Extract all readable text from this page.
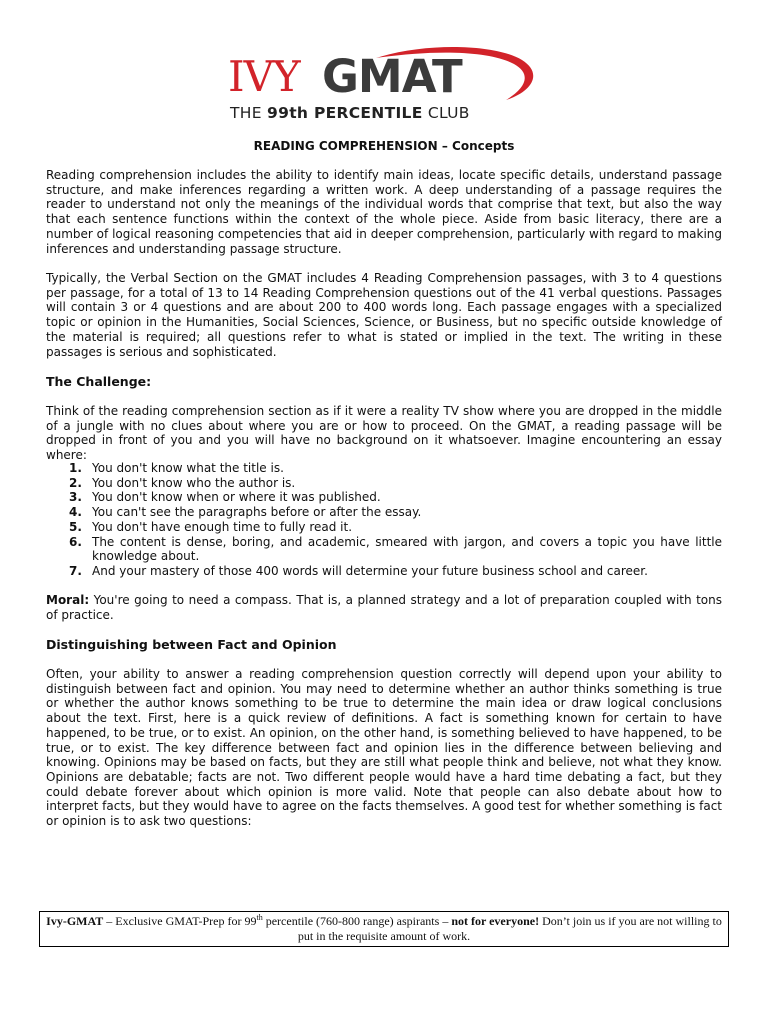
IVY GMAT
THE 99th PERCENTILE CLUB
READING COMPREHENSION – Concepts

Reading comprehension includes the ability to identify main ideas, locate specific details, understand passage structure, and make inferences regarding a written work. A deep understanding of a passage requires the reader to understand not only the meanings of the individual words that comprise that text, but also the way that each sentence functions within the context of the whole piece. Aside from basic literacy, there are a number of logical reasoning competencies that aid in deeper comprehension, particularly with regard to making inferences and understanding passage structure.

Typically, the Verbal Section on the GMAT includes 4 Reading Comprehension passages, with 3 to 4 questions per passage, for a total of 13 to 14 Reading Comprehension questions out of the 41 verbal questions. Passages will contain 3 or 4 questions and are about 200 to 400 words long. Each passage engages with a specialized topic or opinion in the Humanities, Social Sciences, Science, or Business, but no specific outside knowledge of the material is required; all questions refer to what is stated or implied in the text. The writing in these passages is serious and sophisticated.

The Challenge:

Think of the reading comprehension section as if it were a reality TV show where you are dropped in the middle of a jungle with no clues about where you are or how to proceed. On the GMAT, a reading passage will be dropped in front of you and you will have no background on it whatsoever. Imagine encountering an essay where:

1. You don't know what the title is.
2. You don't know who the author is.
3. You don't know when or where it was published.
4. You can't see the paragraphs before or after the essay.
5. You don't have enough time to fully read it.
6. The content is dense, boring, and academic, smeared with jargon, and covers a topic you have little knowledge about.
7. And your mastery of those 400 words will determine your future business school and career.

Moral: You're going to need a compass. That is, a planned strategy and a lot of preparation coupled with tons of practice.

Distinguishing between Fact and Opinion

Often, your ability to answer a reading comprehension question correctly will depend upon your ability to distinguish between fact and opinion. You may need to determine whether an author thinks something is true or whether the author knows something to be true to determine the main idea or draw logical conclusions about the text. First, here is a quick review of definitions. A fact is something known for certain to have happened, to be true, or to exist. An opinion, on the other hand, is something believed to have happened, to be true, or to exist. The key difference between fact and opinion lies in the difference between believing and knowing. Opinions may be based on facts, but they are still what people think and believe, not what they know. Opinions are debatable; facts are not. Two different people would have a hard time debating a fact, but they could debate forever about which opinion is more valid. Note that people can also debate about how to interpret facts, but they would have to agree on the facts themselves. A good test for whether something is fact or opinion is to ask two questions:

Ivy-GMAT – Exclusive GMAT-Prep for 99th percentile (760-800 range) aspirants – not for everyone! Don’t join us if you are not willing to put in the requisite amount of work.
